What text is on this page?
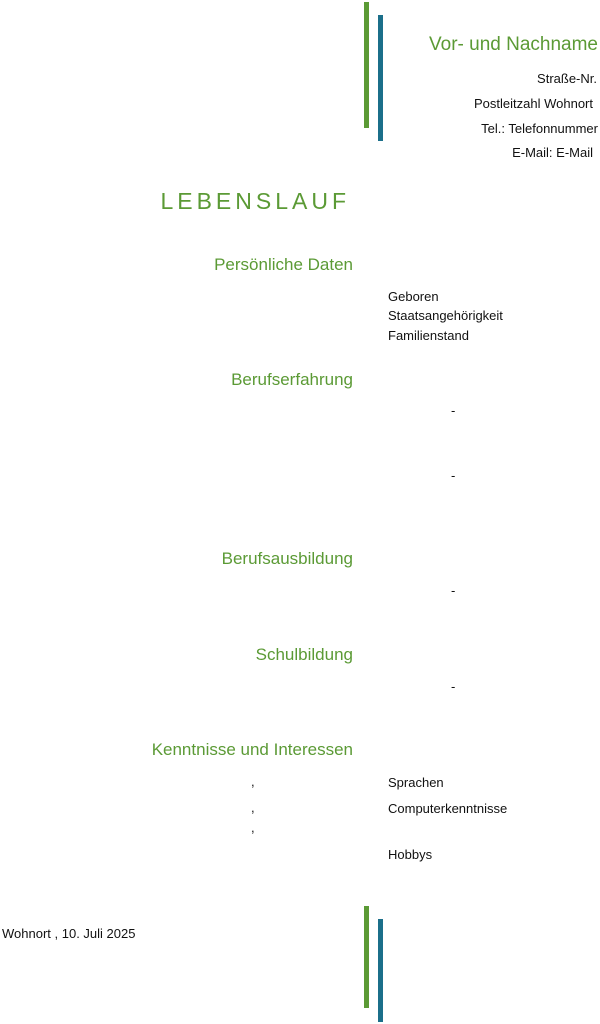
Vor- und Nachname
Straße-Nr.
Postleitzahl Wohnort
Tel.: Telefonnummer
E-Mail: E-Mail
LEBENSLAUF
Persönliche Daten
Geboren
Staatsangehörigkeit
Familienstand
Berufserfahrung
-
-
Berufsausbildung
-
Schulbildung
-
Kenntnisse und Interessen
,	Sprachen
,	Computerkenntnisse
,
Hobbys
Wohnort , 10. Juli 2025
